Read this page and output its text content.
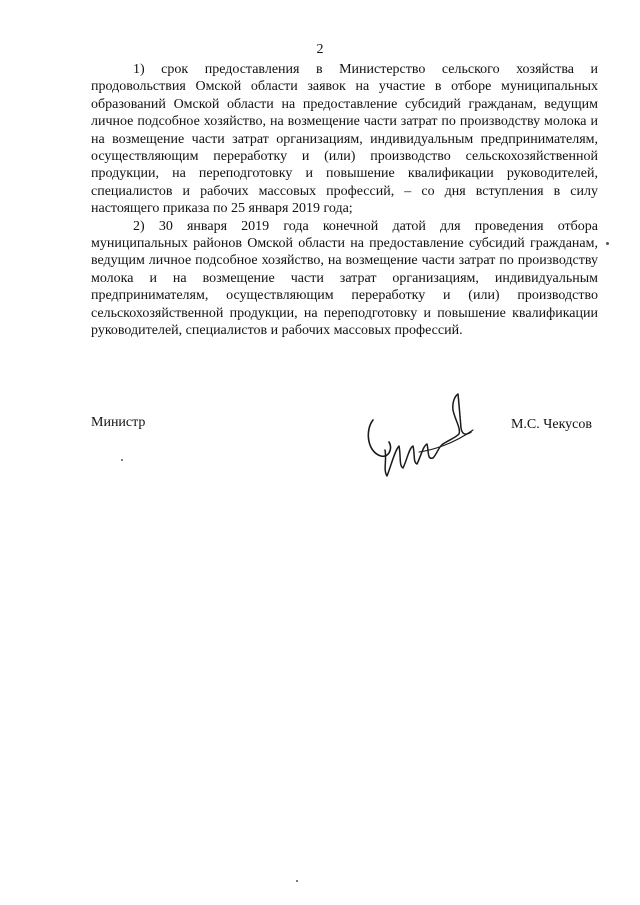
2

1) срок предоставления в Министерство сельского хозяйства и продовольствия Омской области заявок на участие в отборе муниципальных образований Омской области на предоставление субсидий гражданам, ведущим личное подсобное хозяйство, на возмещение части затрат по производству молока и на возмещение части затрат организациям, индивидуальным предпринимателям, осуществляющим переработку и (или) производство сельскохозяйственной продукции, на переподготовку и повышение квалификации руководителей, специалистов и рабочих массовых профессий, – со дня вступления в силу настоящего приказа по 25 января 2019 года;

2) 30 января 2019 года конечной датой для проведения отбора муниципальных районов Омской области на предоставление субсидий гражданам, ведущим личное подсобное хозяйство, на возмещение части затрат по производству молока и на возмещение части затрат организациям, индивидуальным предпринимателям, осуществляющим переработку и (или) производство сельскохозяйственной продукции, на переподготовку и повышение квалификации руководителей, специалистов и рабочих массовых профессий.

Министр	М.С. Чекусов
